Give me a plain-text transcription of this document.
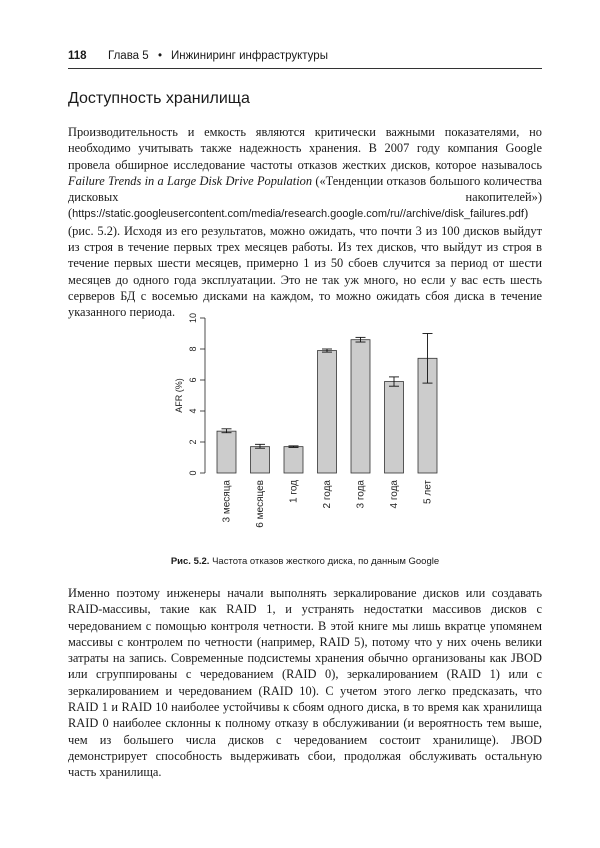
118 Глава 5 • Инжиниринг инфраструктуры
Доступность хранилища

Производительность и емкость являются критически важными показателями, но необходимо учитывать также надежность хранения. В 2007 году компания Google провела обширное исследование частоты отказов жестких дисков, которое называлось Failure Trends in a Large Disk Drive Population («Тенденции отказов большого количества дисковых накопителей») (https://static.googleusercontent.com/media/research.google.com/ru//archive/disk_failures.pdf) (рис. 5.2). Исходя из его результатов, можно ожидать, что почти 3 из 100 дисков выйдут из строя в течение первых трех месяцев работы. Из тех дисков, что выйдут из строя в течение первых шести месяцев, примерно 1 из 50 сбоев случится за период от шести месяцев до одного года эксплуатации. Это не так уж много, но если у вас есть шесть серверов БД с восемью дисками на каждом, то можно ожидать сбоя диска в течение указанного периода.

0
2
4
6
8
10
AFR (%)
3 месяца 6 месяцев 1 год 2 года 3 года 4 года 5 лет
Рис. 5.2. Частота отказов жесткого диска, по данным Google

Именно поэтому инженеры начали выполнять зеркалирование дисков или создавать RAID-массивы, такие как RAID 1, и устранять недостатки массивов дисков с чередованием с помощью контроля четности. В этой книге мы лишь вкратце упомянем массивы с контролем по четности (например, RAID 5), потому что у них очень велики затраты на запись. Современные подсистемы хранения обычно организованы как JBOD или сгруппированы с чередованием (RAID 0), зеркалированием (RAID 1) или с зеркалированием и чередованием (RAID 10). С учетом этого легко предсказать, что RAID 1 и RAID 10 наиболее устойчивы к сбоям одного диска, в то время как хранилища RAID 0 наиболее склонны к полному отказу в обслуживании (и вероятность тем выше, чем из большего числа дисков с чередованием состоит хранилище). JBOD демонстрирует способность выдерживать сбои, продолжая обслуживать остальную часть хранилища.
